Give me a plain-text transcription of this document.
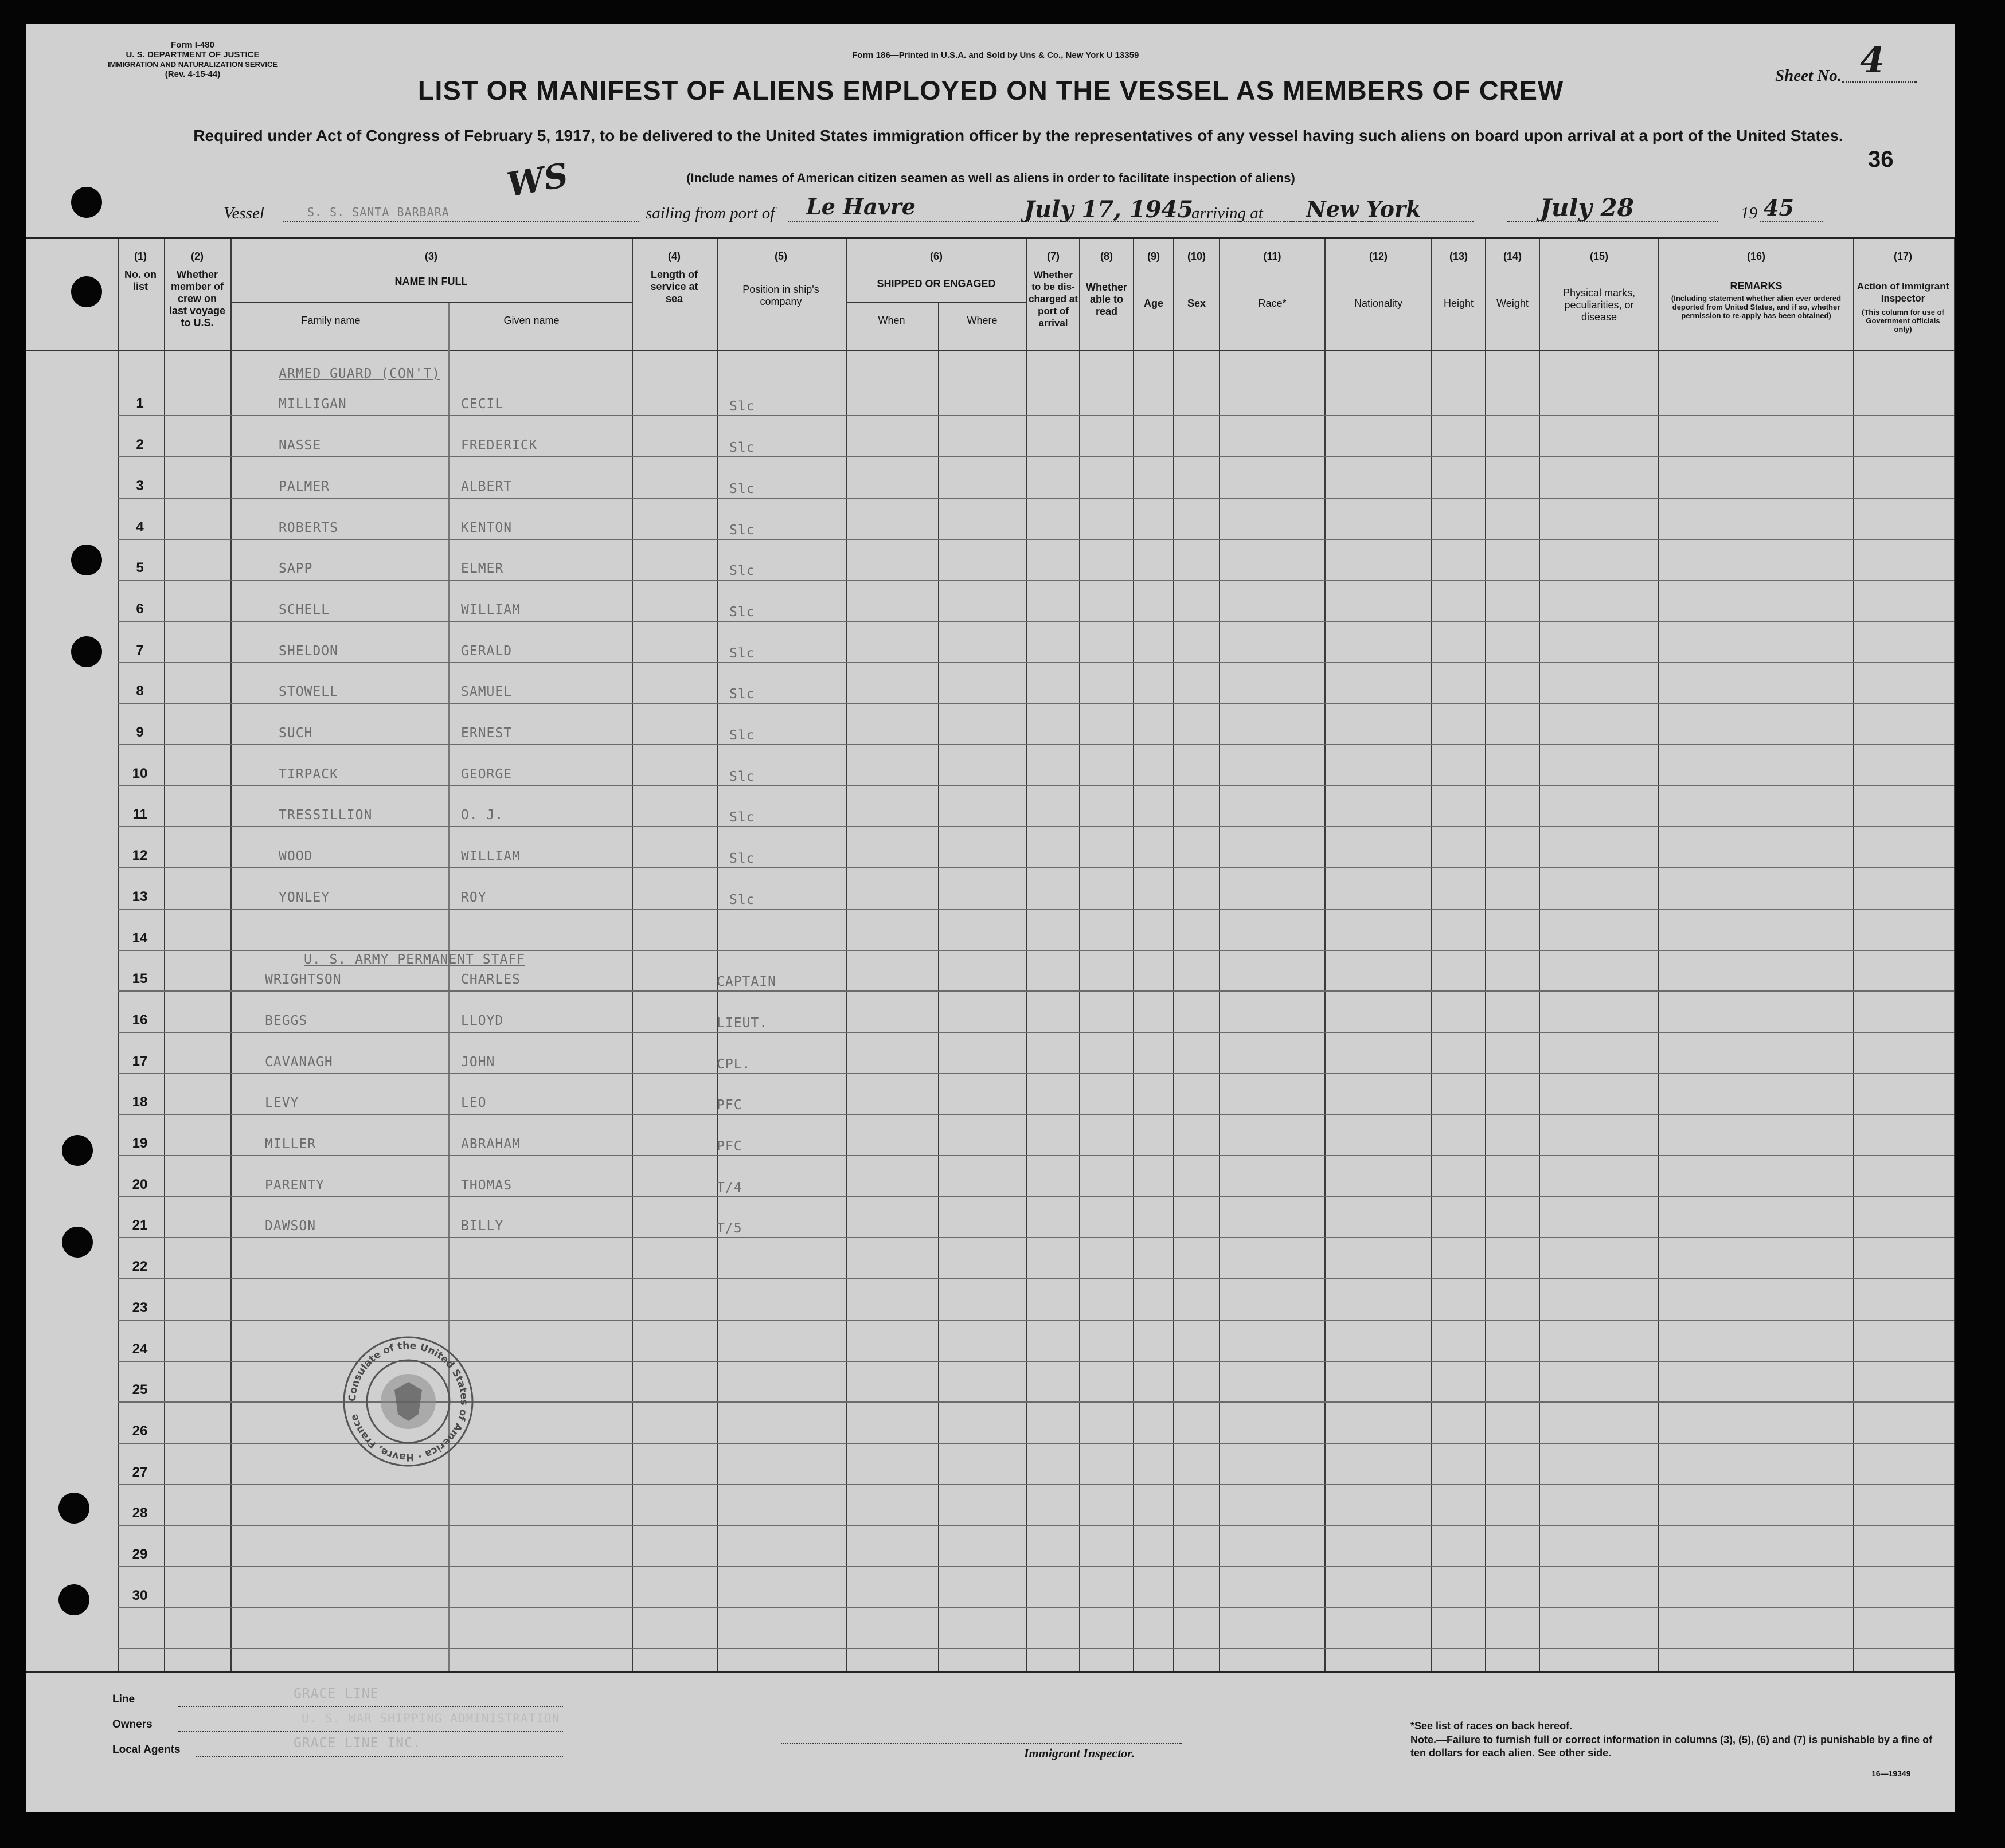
Form I-480
U. S. DEPARTMENT OF JUSTICE
IMMIGRATION AND NATURALIZATION SERVICE
(Rev. 4-15-44)
Form 186—Printed in U.S.A. and Sold by Uns & Co., New York U 13359
Sheet No. 4
LIST OR MANIFEST OF ALIENS EMPLOYED ON THE VESSEL AS MEMBERS OF CREW
Required under Act of Congress of February 5, 1917, to be delivered to the United States immigration officer by the representatives of any vessel having such aliens on board upon arrival at a port of the United States.
36
(Include names of American citizen seamen as well as aliens in order to facilitate inspection of aliens)
WS
Vessel	S. S. SANTA BARBARA	sailing from port of Le Havre	July 17, 1945
arriving at New York	July 28	19 45
(1)	(2)	(3)	(4)	(5)	(6)	(7)	(8)	(9)	(10)	(11)	(12)	(13)	(14)	(15)	(16)	(17)
No. on list
Whether member of crew on last voyage to U.S.
NAME IN FULL
Family name	Given name
Length of service at sea
Position in ship's company
SHIPPED OR ENGAGED
When	Where
Whether to be dis-charged at port of arrival
Whether able to read
Age	Sex	Race*	Nationality	Height	Weight
Physical marks, peculiarities, or disease
REMARKS
(Including statement whether alien ever ordered deported from United States, and if so, whether permission to re-apply has been obtained)
Action of Immigrant Inspector
(This column for use of Government officials only)
1	MILLIGAN	CECIL	Slc
2	NASSE	FREDERICK	Slc
3	PALMER	ALBERT	Slc
4	ROBERTS	KENTON	Slc
5	SAPP	ELMER	Slc
6	SCHELL	WILLIAM	Slc
7	SHELDON	GERALD	Slc
8	STOWELL	SAMUEL	Slc
9	SUCH	ERNEST	Slc
10	TIRPACK	GEORGE	Slc
11	TRESSILLION	O. J.	Slc
12	WOOD	WILLIAM	Slc
13	YONLEY	ROY	Slc
14
15	WRIGHTSON	CHARLES	CAPTAIN
16	BEGGS	LLOYD	LIEUT.
17	CAVANAGH	JOHN	CPL.
18	LEVY	LEO	PFC
19	MILLER	ABRAHAM	PFC
20	PARENTY	THOMAS	T/4
21	DAWSON	BILLY	T/5
22
23
24
25
26
27
28
29
30
ARMED GUARD (CON'T)
U. S. ARMY PERMANENT STAFF
Consulate of the United States of America · Havre, France
Line	GRACE LINE
Owners	U. S. WAR SHIPPING ADMINISTRATION
Local Agents	GRACE LINE INC.
Immigrant Inspector.
*See list of races on back hereof.
Note.—Failure to furnish full or correct information in columns (3), (5), (6) and (7) is punishable by a fine of ten dollars for each alien. See other side.
16—19349
